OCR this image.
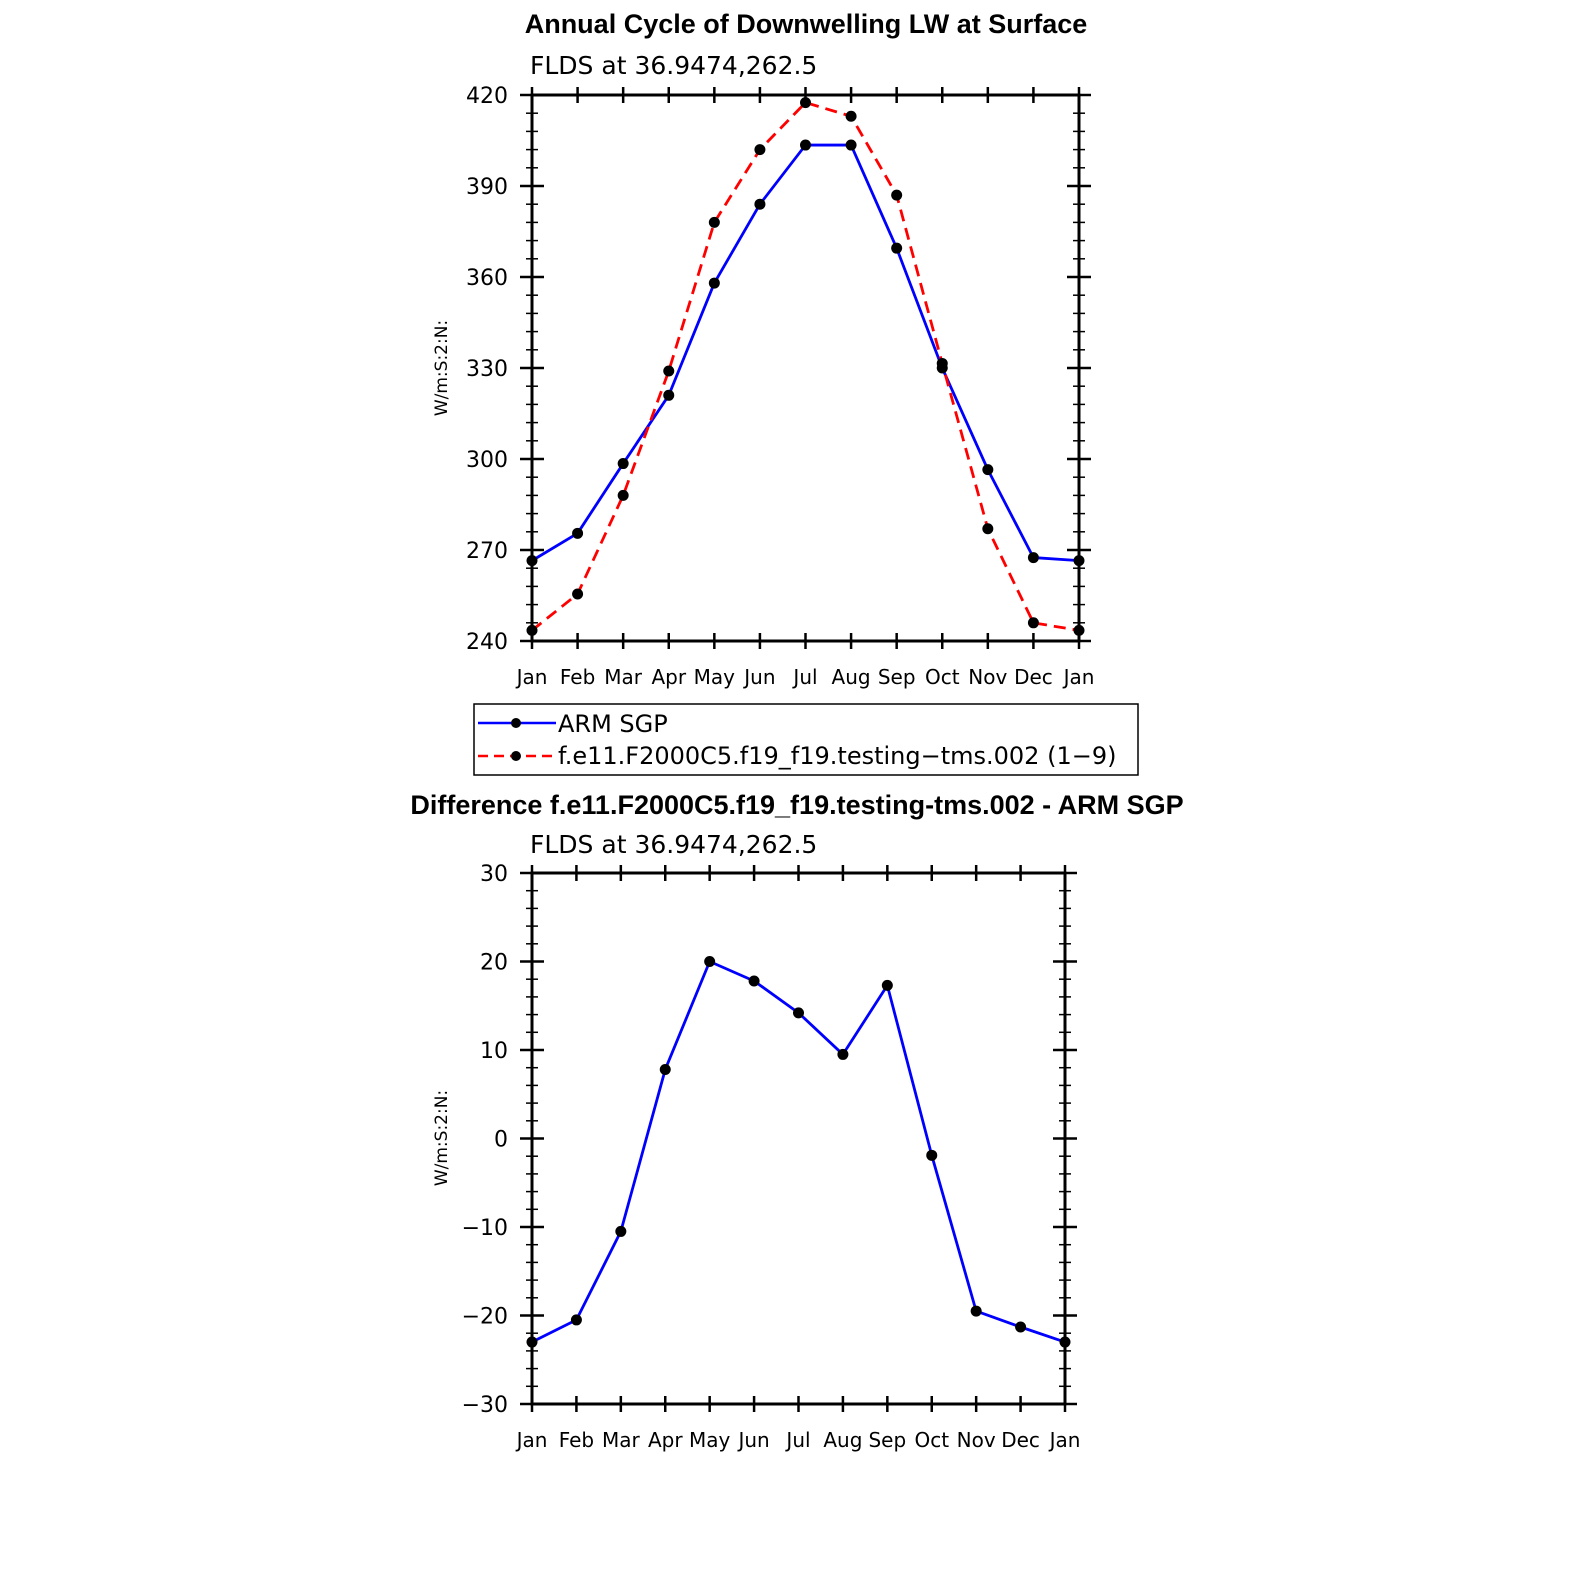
Annual Cycle of Downwelling LW at Surface
FLDS at 36.9474,262.5
W/m:S:2:N:
240
270
300
330
360
390
420
Jan Feb Mar Apr May Jun Jul Aug Sep Oct Nov Dec Jan
ARM SGP
f.e11.F2000C5.f19_f19.testing−tms.002 (1−9)
Difference f.e11.F2000C5.f19_f19.testing-tms.002 - ARM SGP
FLDS at 36.9474,262.5
W/m:S:2:N:
−30
−20
−10
0
10
20
30
Jan Feb Mar Apr May Jun Jul Aug Sep Oct Nov Dec Jan
